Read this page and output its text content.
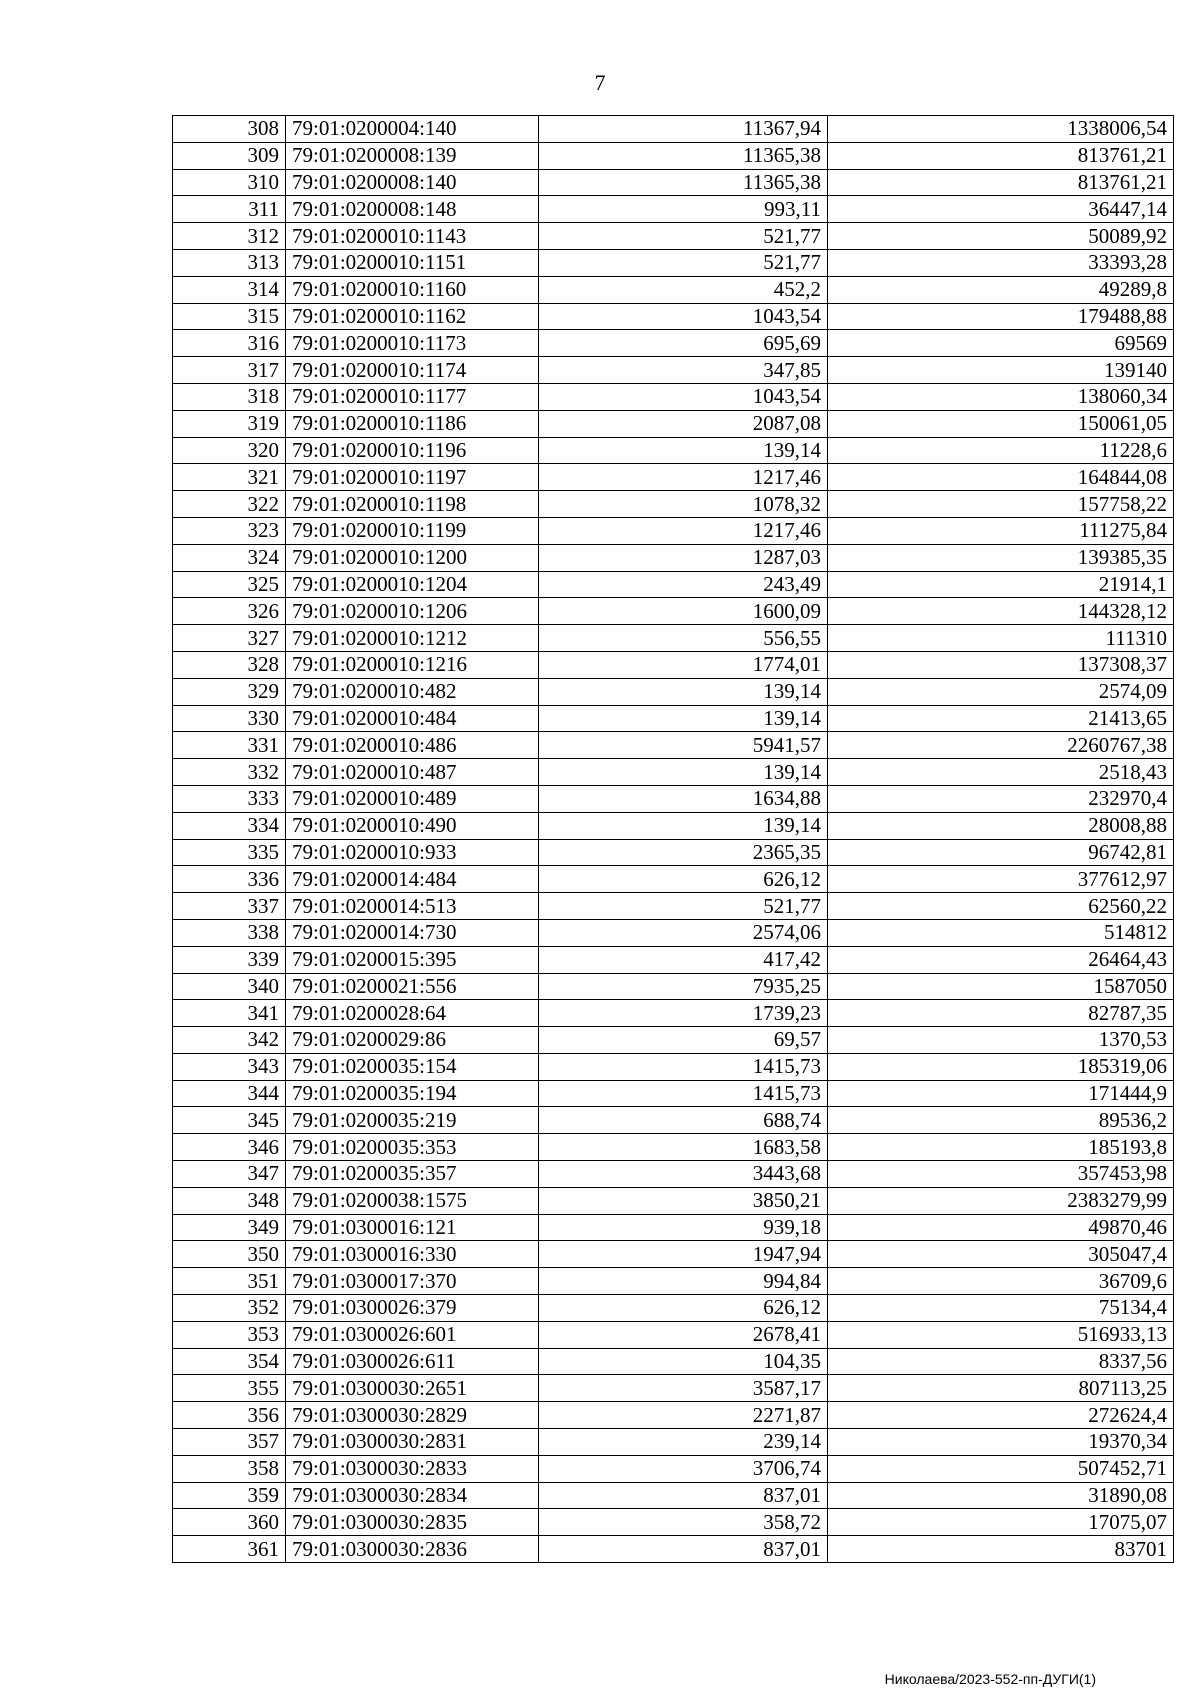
7
308	79:01:0200004:140	11367,94	1338006,54
309	79:01:0200008:139	11365,38	813761,21
310	79:01:0200008:140	11365,38	813761,21
311	79:01:0200008:148	993,11	36447,14
312	79:01:0200010:1143	521,77	50089,92
313	79:01:0200010:1151	521,77	33393,28
314	79:01:0200010:1160	452,2	49289,8
315	79:01:0200010:1162	1043,54	179488,88
316	79:01:0200010:1173	695,69	69569
317	79:01:0200010:1174	347,85	139140
318	79:01:0200010:1177	1043,54	138060,34
319	79:01:0200010:1186	2087,08	150061,05
320	79:01:0200010:1196	139,14	11228,6
321	79:01:0200010:1197	1217,46	164844,08
322	79:01:0200010:1198	1078,32	157758,22
323	79:01:0200010:1199	1217,46	111275,84
324	79:01:0200010:1200	1287,03	139385,35
325	79:01:0200010:1204	243,49	21914,1
326	79:01:0200010:1206	1600,09	144328,12
327	79:01:0200010:1212	556,55	111310
328	79:01:0200010:1216	1774,01	137308,37
329	79:01:0200010:482	139,14	2574,09
330	79:01:0200010:484	139,14	21413,65
331	79:01:0200010:486	5941,57	2260767,38
332	79:01:0200010:487	139,14	2518,43
333	79:01:0200010:489	1634,88	232970,4
334	79:01:0200010:490	139,14	28008,88
335	79:01:0200010:933	2365,35	96742,81
336	79:01:0200014:484	626,12	377612,97
337	79:01:0200014:513	521,77	62560,22
338	79:01:0200014:730	2574,06	514812
339	79:01:0200015:395	417,42	26464,43
340	79:01:0200021:556	7935,25	1587050
341	79:01:0200028:64	1739,23	82787,35
342	79:01:0200029:86	69,57	1370,53
343	79:01:0200035:154	1415,73	185319,06
344	79:01:0200035:194	1415,73	171444,9
345	79:01:0200035:219	688,74	89536,2
346	79:01:0200035:353	1683,58	185193,8
347	79:01:0200035:357	3443,68	357453,98
348	79:01:0200038:1575	3850,21	2383279,99
349	79:01:0300016:121	939,18	49870,46
350	79:01:0300016:330	1947,94	305047,4
351	79:01:0300017:370	994,84	36709,6
352	79:01:0300026:379	626,12	75134,4
353	79:01:0300026:601	2678,41	516933,13
354	79:01:0300026:611	104,35	8337,56
355	79:01:0300030:2651	3587,17	807113,25
356	79:01:0300030:2829	2271,87	272624,4
357	79:01:0300030:2831	239,14	19370,34
358	79:01:0300030:2833	3706,74	507452,71
359	79:01:0300030:2834	837,01	31890,08
360	79:01:0300030:2835	358,72	17075,07
361	79:01:0300030:2836	837,01	83701
Николаева/2023-552-пп-ДУГИ(1)
